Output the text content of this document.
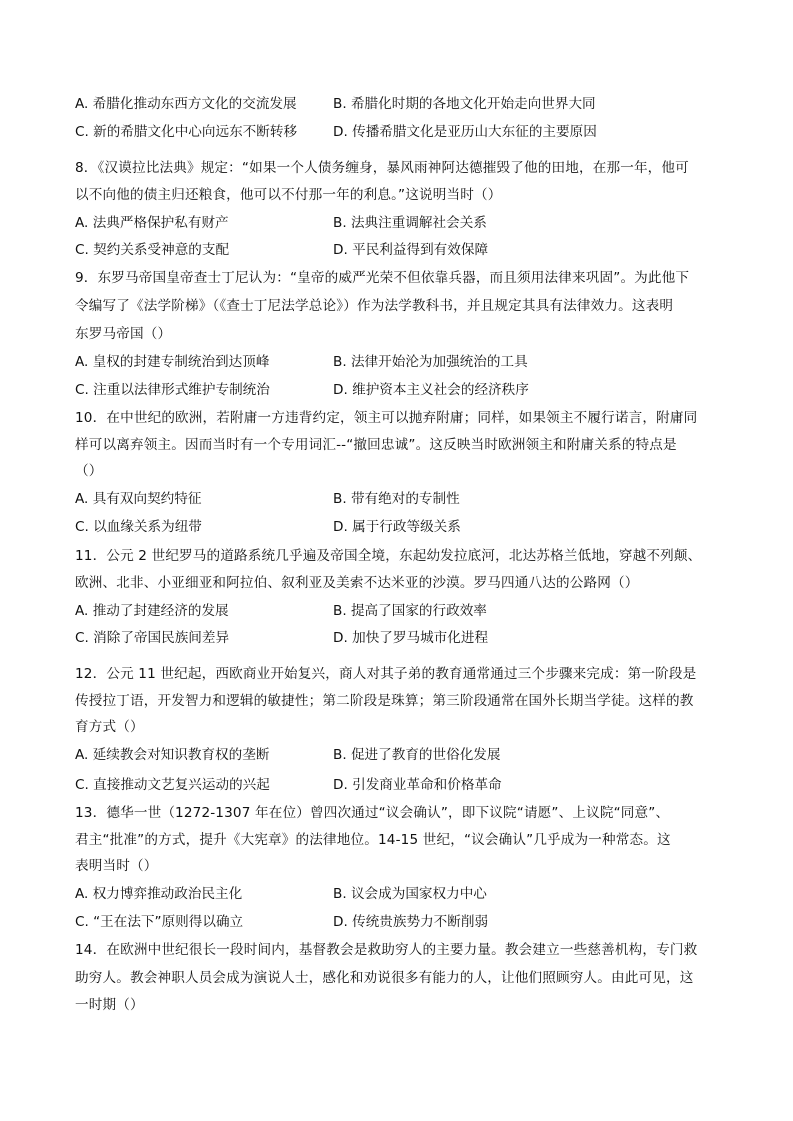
A. 希腊化推动东西方文化的交流发展	B. 希腊化时期的各地文化开始走向世界大同
C. 新的希腊文化中心向远东不断转移	D. 传播希腊文化是亚历山大东征的主要原因
8．《汉谟拉比法典》规定：“如果一个人债务缠身，暴风雨神阿达德摧毁了他的田地，在那一年，他可
以不向他的债主归还粮食，他可以不付那一年的利息。”这说明当时（）
A. 法典严格保护私有财产	B. 法典注重调解社会关系
C. 契约关系受神意的支配	D. 平民利益得到有效保障
9．东罗马帝国皇帝查士丁尼认为：“皇帝的威严光荣不但依靠兵器，而且须用法律来巩固”。为此他下
令编写了《法学阶梯》（《查士丁尼法学总论》）作为法学教科书，并且规定其具有法律效力。这表明
东罗马帝国（）
A. 皇权的封建专制统治到达顶峰	B. 法律开始沦为加强统治的工具
C. 注重以法律形式维护专制统治	D. 维护资本主义社会的经济秩序
10．在中世纪的欧洲，若附庸一方违背约定，领主可以抛弃附庸；同样，如果领主不履行诺言，附庸同
样可以离弃领主。因而当时有一个专用词汇--“撤回忠诚”。这反映当时欧洲领主和附庸关系的特点是
（）
A. 具有双向契约特征	B. 带有绝对的专制性
C. 以血缘关系为纽带	D. 属于行政等级关系
11．公元 2 世纪罗马的道路系统几乎遍及帝国全境，东起幼发拉底河，北达苏格兰低地，穿越不列颠、
欧洲、北非、小亚细亚和阿拉伯、叙利亚及美索不达米亚的沙漠。罗马四通八达的公路网（）
A. 推动了封建经济的发展	B. 提高了国家的行政效率
C. 消除了帝国民族间差异	D. 加快了罗马城市化进程
12．公元 11 世纪起，西欧商业开始复兴，商人对其子弟的教育通常通过三个步骤来完成：第一阶段是
传授拉丁语，开发智力和逻辑的敏捷性；第二阶段是珠算；第三阶段通常在国外长期当学徒。这样的教
育方式（）
A. 延续教会对知识教育权的垄断	B. 促进了教育的世俗化发展
C. 直接推动文艺复兴运动的兴起	D. 引发商业革命和价格革命
13．德华一世（1272-1307 年在位）曾四次通过“议会确认”，即下议院“请愿”、上议院“同意”、
君主“批准”的方式，提升《大宪章》的法律地位。14-15 世纪，“议会确认”几乎成为一种常态。这
表明当时（）
A. 权力博弈推动政治民主化	B. 议会成为国家权力中心
C. “王在法下”原则得以确立	D. 传统贵族势力不断削弱
14．在欧洲中世纪很长一段时间内，基督教会是救助穷人的主要力量。教会建立一些慈善机构，专门救
助穷人。教会神职人员会成为演说人士，感化和劝说很多有能力的人，让他们照顾穷人。由此可见，这
一时期（）
